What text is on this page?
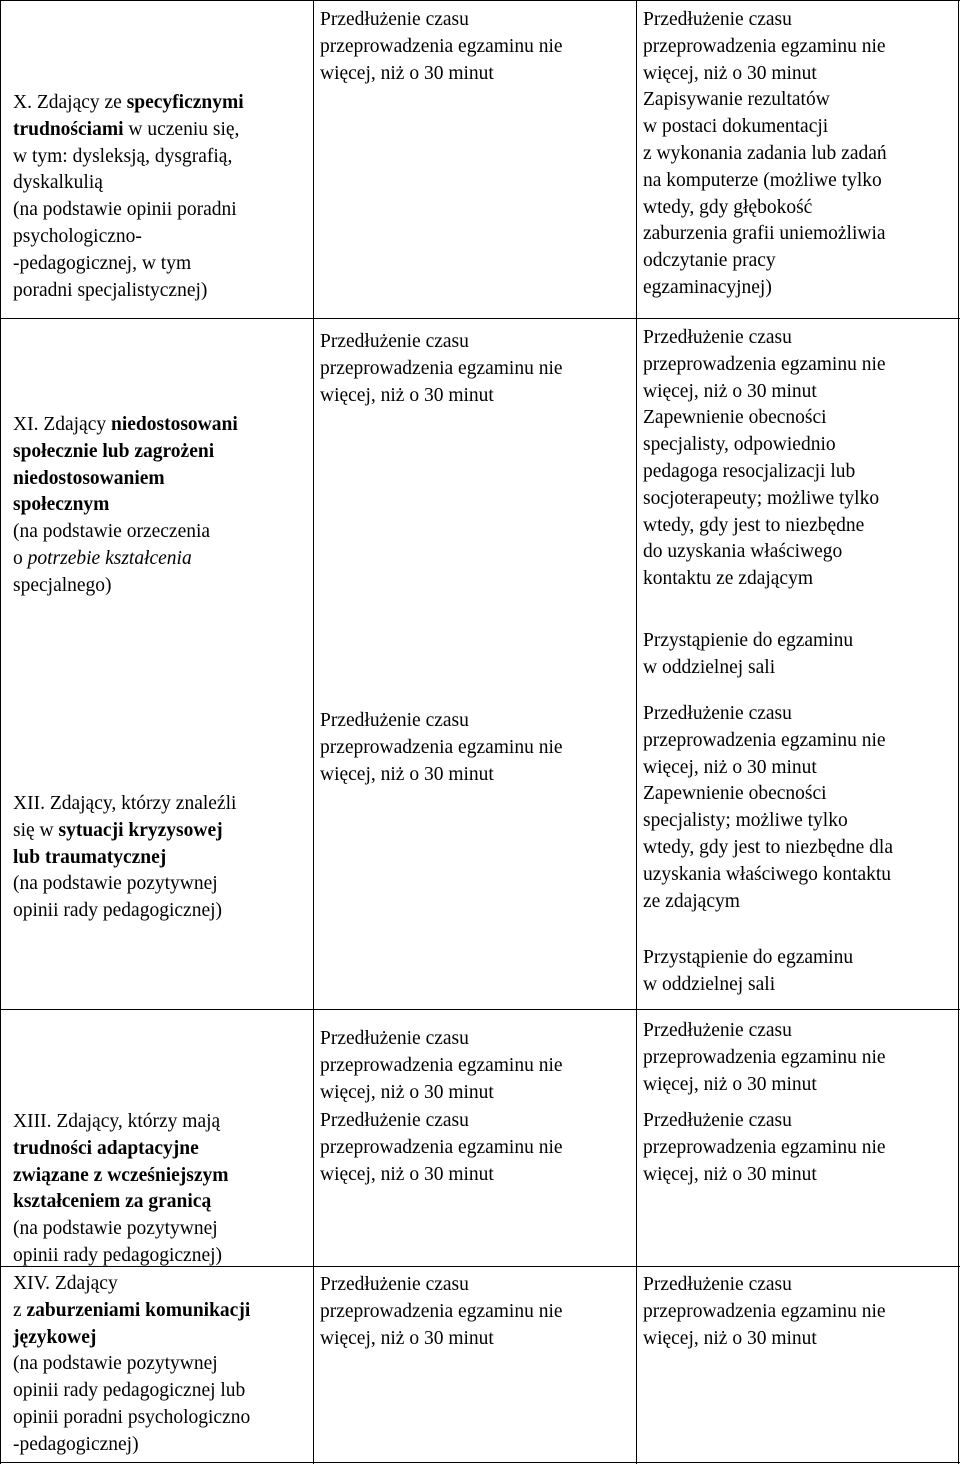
X. Zdający ze specyficznymi
trudnościami w uczeniu się,
w tym: dysleksją, dysgrafią,
dyskalkulią
(na podstawie opinii poradni
psychologiczno-
-pedagogicznej, w tym
poradni specjalistycznej)
Przedłużenie czasu
przeprowadzenia egzaminu nie
więcej, niż o 30 minut
Przedłużenie czasu
przeprowadzenia egzaminu nie
więcej, niż o 30 minut
Zapisywanie rezultatów
w postaci dokumentacji
z wykonania zadania lub zadań
na komputerze (możliwe tylko
wtedy, gdy głębokość
zaburzenia grafii uniemożliwia
odczytanie pracy
egzaminacyjnej)
XI. Zdający niedostosowani
społecznie lub zagrożeni
niedostosowaniem
społecznym
(na podstawie orzeczenia
o potrzebie kształcenia
specjalnego)
Przedłużenie czasu
przeprowadzenia egzaminu nie
więcej, niż o 30 minut
Przedłużenie czasu
przeprowadzenia egzaminu nie
więcej, niż o 30 minut
Zapewnienie obecności
specjalisty, odpowiednio
pedagoga resocjalizacji lub
socjoterapeuty; możliwe tylko
wtedy, gdy jest to niezbędne
do uzyskania właściwego
kontaktu ze zdającym
Przystąpienie do egzaminu
w oddzielnej sali
XII. Zdający, którzy znaleźli
się w sytuacji kryzysowej
lub traumatycznej
(na podstawie pozytywnej
opinii rady pedagogicznej)
Przedłużenie czasu
przeprowadzenia egzaminu nie
więcej, niż o 30 minut
Przedłużenie czasu
przeprowadzenia egzaminu nie
więcej, niż o 30 minut
Zapewnienie obecności
specjalisty; możliwe tylko
wtedy, gdy jest to niezbędne dla
uzyskania właściwego kontaktu
ze zdającym
Przystąpienie do egzaminu
w oddzielnej sali
XIII. Zdający, którzy mają
trudności adaptacyjne
związane z wcześniejszym
kształceniem za granicą
(na podstawie pozytywnej
opinii rady pedagogicznej)
Przedłużenie czasu
przeprowadzenia egzaminu nie
więcej, niż o 30 minut
Przedłużenie czasu
przeprowadzenia egzaminu nie
więcej, niż o 30 minut
Przedłużenie czasu
przeprowadzenia egzaminu nie
więcej, niż o 30 minut
Przedłużenie czasu
przeprowadzenia egzaminu nie
więcej, niż o 30 minut
XIV. Zdający
z zaburzeniami komunikacji
językowej
(na podstawie pozytywnej
opinii rady pedagogicznej lub
opinii poradni psychologiczno
-pedagogicznej)
Przedłużenie czasu
przeprowadzenia egzaminu nie
więcej, niż o 30 minut
Przedłużenie czasu
przeprowadzenia egzaminu nie
więcej, niż o 30 minut
